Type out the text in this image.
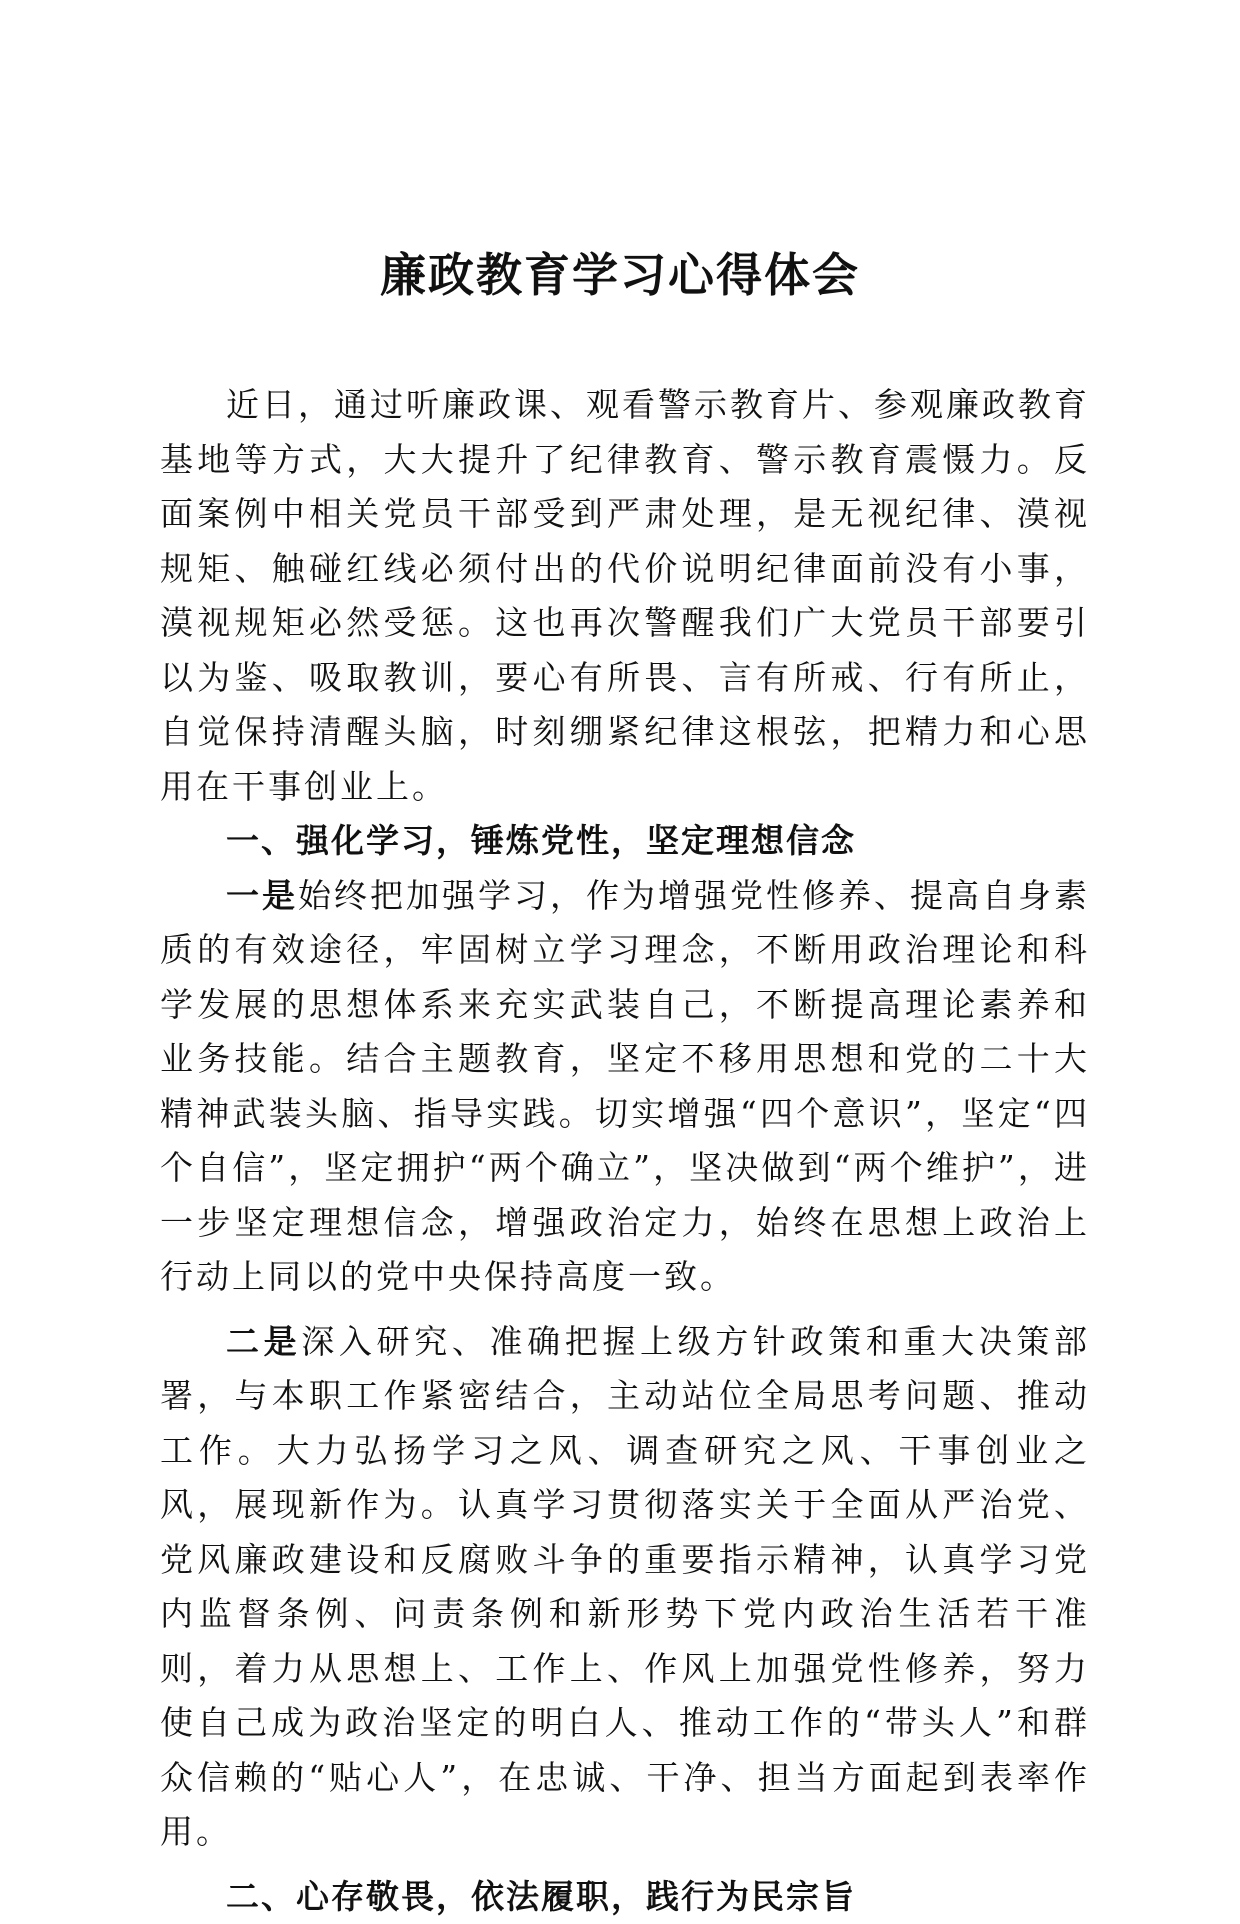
廉政教育学习心得体会

近日，通过听廉政课、观看警示教育片、参观廉政教育基地等方式，大大提升了纪律教育、警示教育震慑力。反面案例中相关党员干部受到严肃处理，是无视纪律、漠视规矩、触碰红线必须付出的代价说明纪律面前没有小事，漠视规矩必然受惩。这也再次警醒我们广大党员干部要引以为鉴、吸取教训，要心有所畏、言有所戒、行有所止，自觉保持清醒头脑，时刻绷紧纪律这根弦，把精力和心思用在干事创业上。

一、强化学习，锤炼党性，坚定理想信念

一是始终把加强学习，作为增强党性修养、提高自身素质的有效途径，牢固树立学习理念，不断用政治理论和科学发展的思想体系来充实武装自己，不断提高理论素养和业务技能。结合主题教育，坚定不移用思想和党的二十大精神武装头脑、指导实践。切实增强“四个意识”，坚定“四个自信”，坚定拥护“两个确立”，坚决做到“两个维护”，进一步坚定理想信念，增强政治定力，始终在思想上政治上行动上同以的党中央保持高度一致。

二是深入研究、准确把握上级方针政策和重大决策部署，与本职工作紧密结合，主动站位全局思考问题、推动工作。大力弘扬学习之风、调查研究之风、干事创业之风，展现新作为。认真学习贯彻落实关于全面从严治党、党风廉政建设和反腐败斗争的重要指示精神，认真学习党内监督条例、问责条例和新形势下党内政治生活若干准则，着力从思想上、工作上、作风上加强党性修养，努力使自己成为政治坚定的明白人、推动工作的“带头人”和群众信赖的“贴心人”，在忠诚、干净、担当方面起到表率作用。

二、心存敬畏，依法履职，践行为民宗旨
